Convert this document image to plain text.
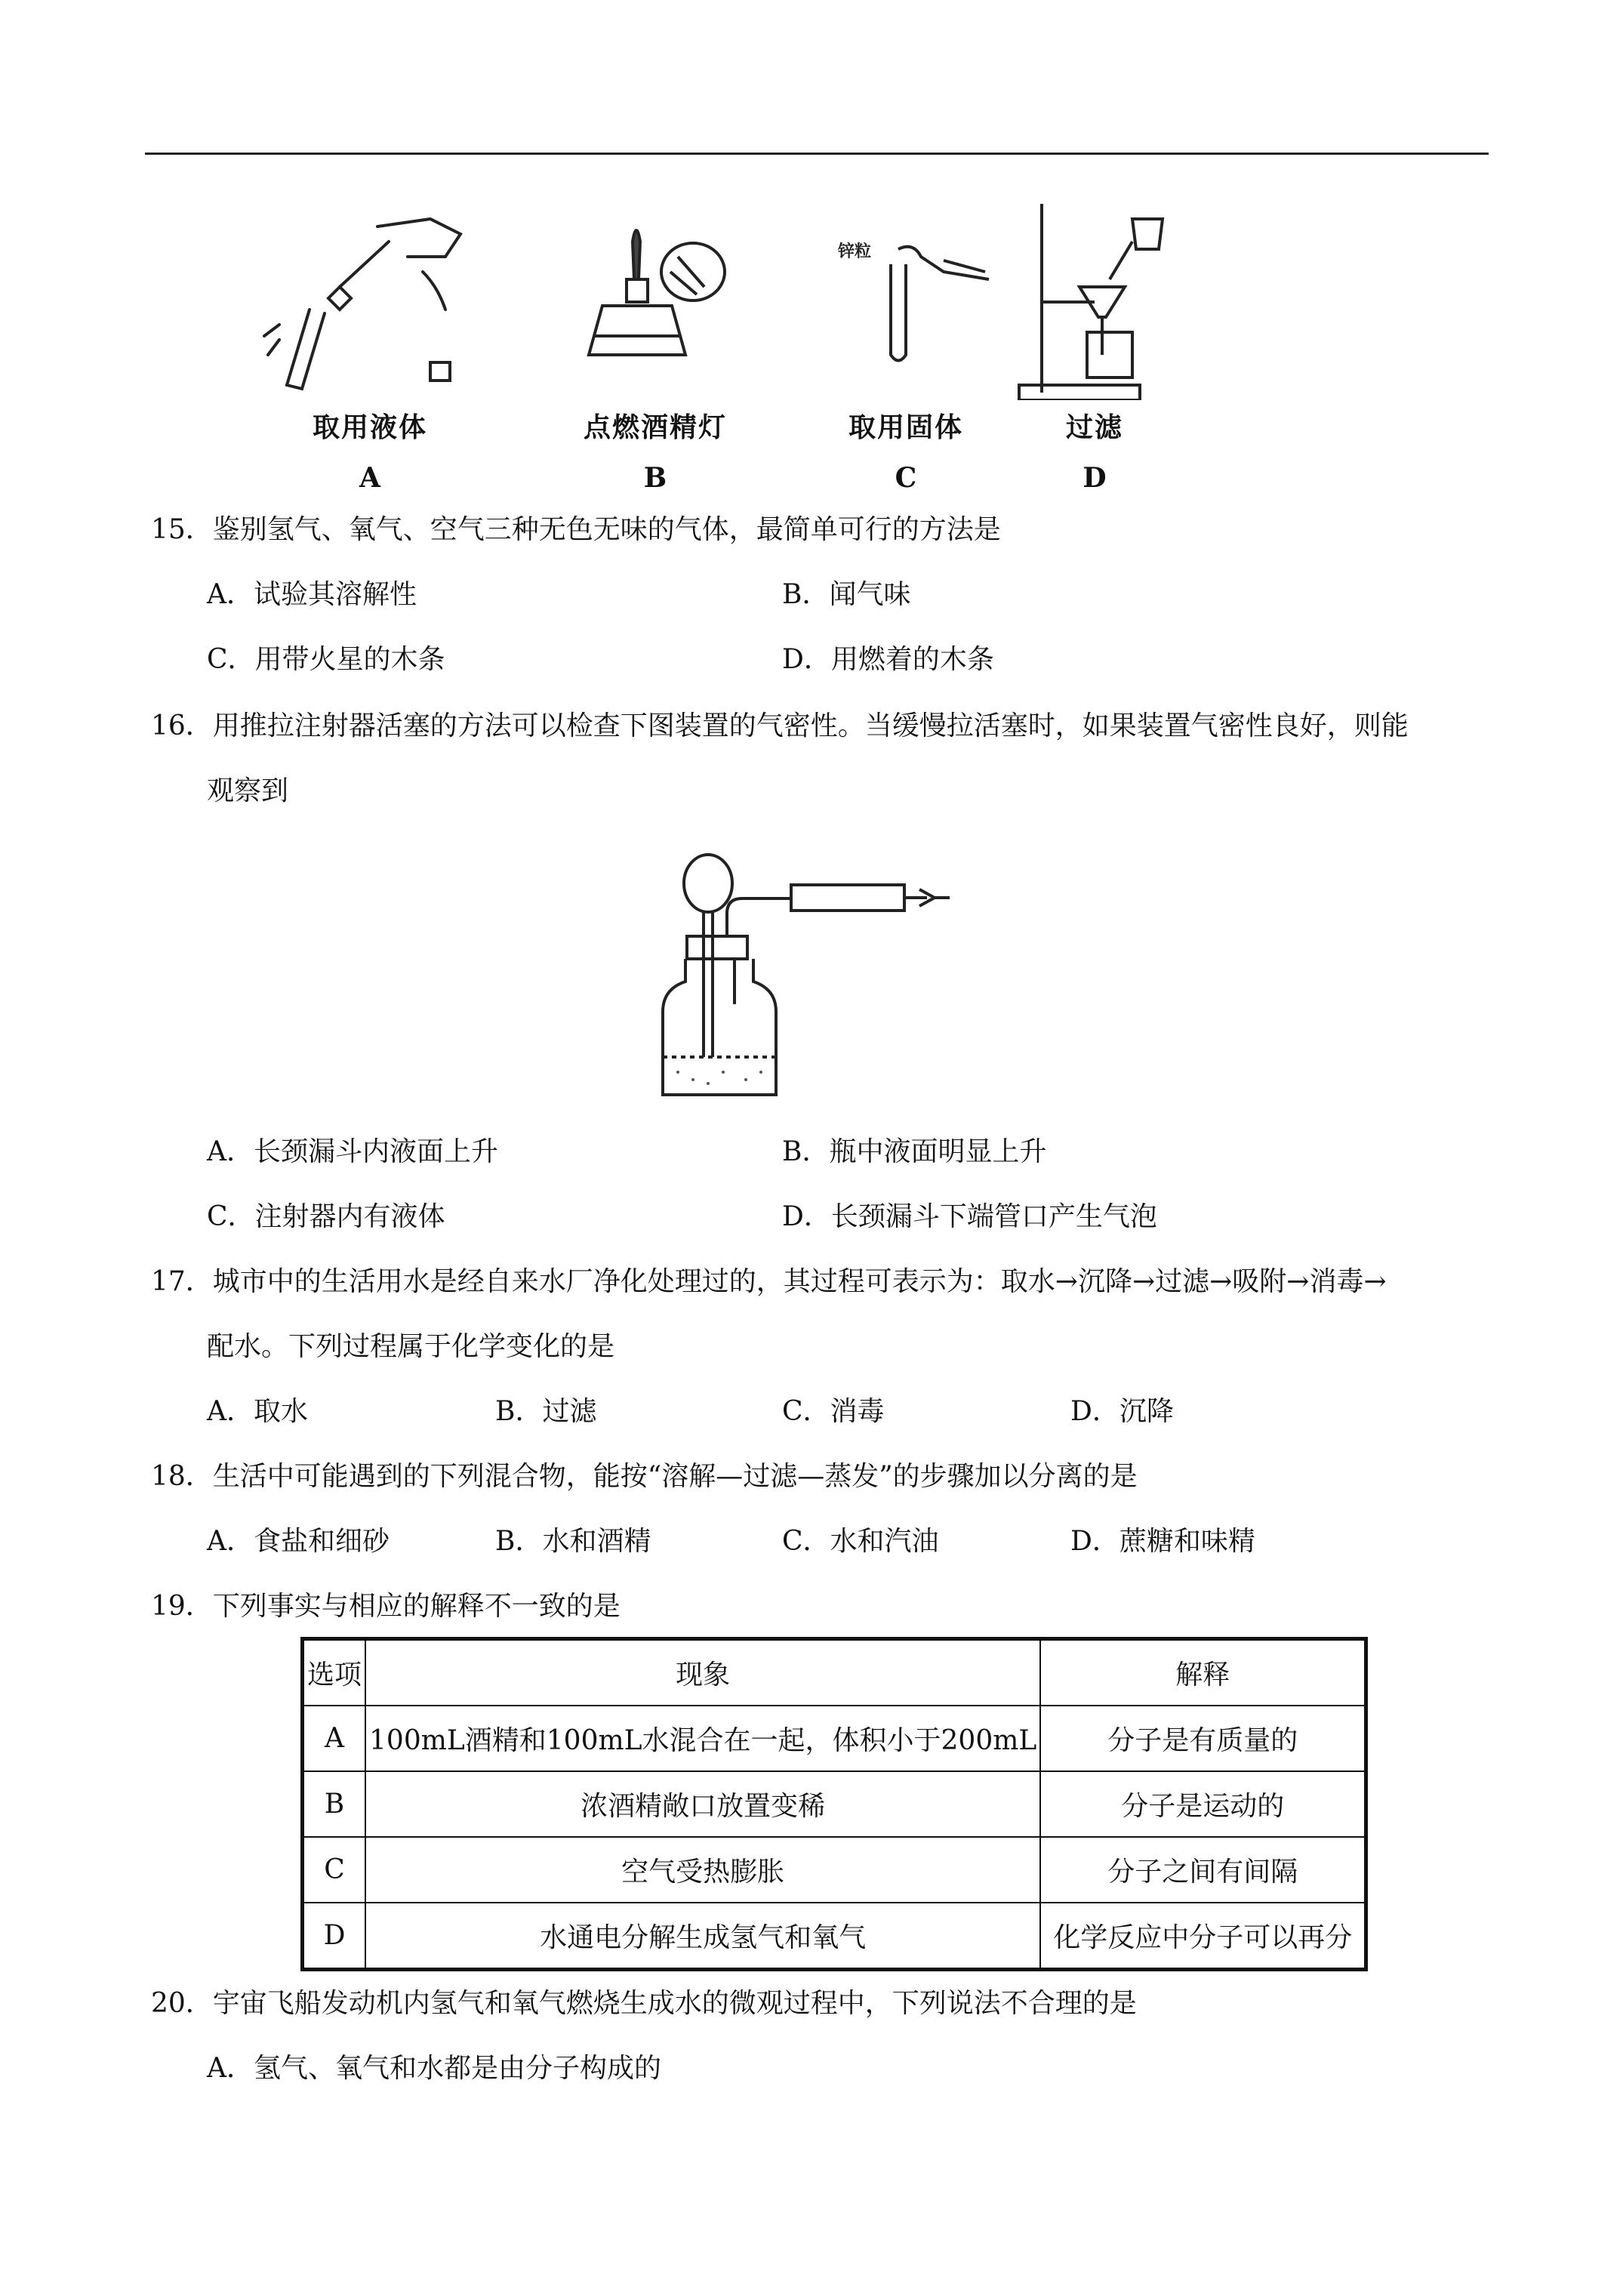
取用液体
A
点燃酒精灯
B
锌粒
取用固体
C
过滤
D
15．鉴别氢气、氧气、空气三种无色无味的气体，最简单可行的方法是
A．试验其溶解性	B．闻气味
C．用带火星的木条	D．用燃着的木条
16．用推拉注射器活塞的方法可以检查下图装置的气密性。当缓慢拉活塞时，如果装置气密性良好，则能
观察到
A．长颈漏斗内液面上升	B．瓶中液面明显上升
C．注射器内有液体	D．长颈漏斗下端管口产生气泡
17．城市中的生活用水是经自来水厂净化处理过的，其过程可表示为：取水→沉降→过滤→吸附→消毒→
配水。下列过程属于化学变化的是
A．取水	B．过滤	C．消毒	D．沉降
18．生活中可能遇到的下列混合物，能按“溶解—过滤—蒸发”的步骤加以分离的是
A．食盐和细砂	B．水和酒精	C．水和汽油	D．蔗糖和味精
19．下列事实与相应的解释不一致的是
选项	现象	解释
A	100mL酒精和100mL水混合在一起，体积小于200mL	分子是有质量的
B	浓酒精敞口放置变稀	分子是运动的
C	空气受热膨胀	分子之间有间隔
D	水通电分解生成氢气和氧气	化学反应中分子可以再分
20．宇宙飞船发动机内氢气和氧气燃烧生成水的微观过程中，下列说法不合理的是
A．氢气、氧气和水都是由分子构成的
